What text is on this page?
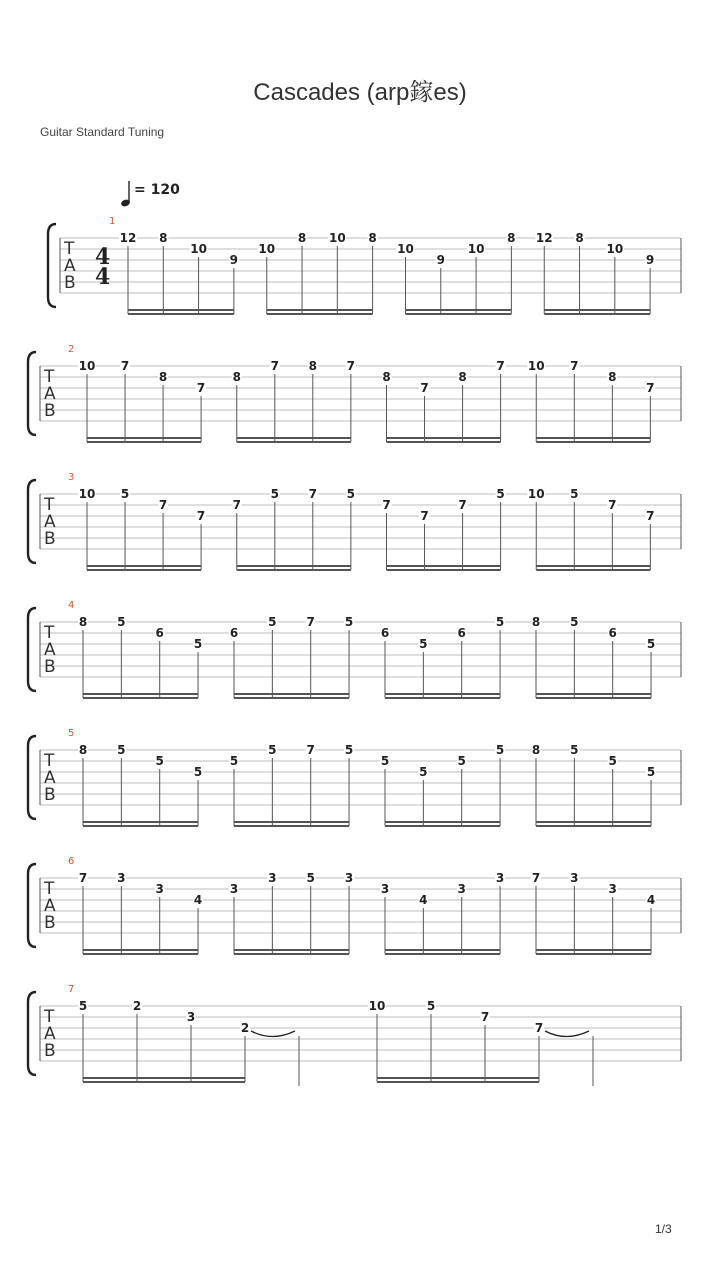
Cascades (arp鎵es)
Guitar Standard Tuning
= 120
T
A
B
4
4
1
12 8
10
9
10
8 10 8
10
9
10
8 12 8
10
9
T
A
B
2
10 7
8
7
8
7 8 7
8
7
8
7 10 7
8
7
T
A
B
3
10 5
7
7
7
5 7 5
7
7
7
5 10 5
7
7
T
A
B
4
8 5
6
5
6
5 7 5
6
5
6
5 8 5
6
5
T
A
B
5
8 5
5
5
5
5 7 5
5
5
5
5 8 5
5
5
T
A
B
6
7 3
3
4
3
3 5 3
3
4
3
3 7 3
3
4
T
A
B
7
5	2
3
2
10	5
7
7
1/3
